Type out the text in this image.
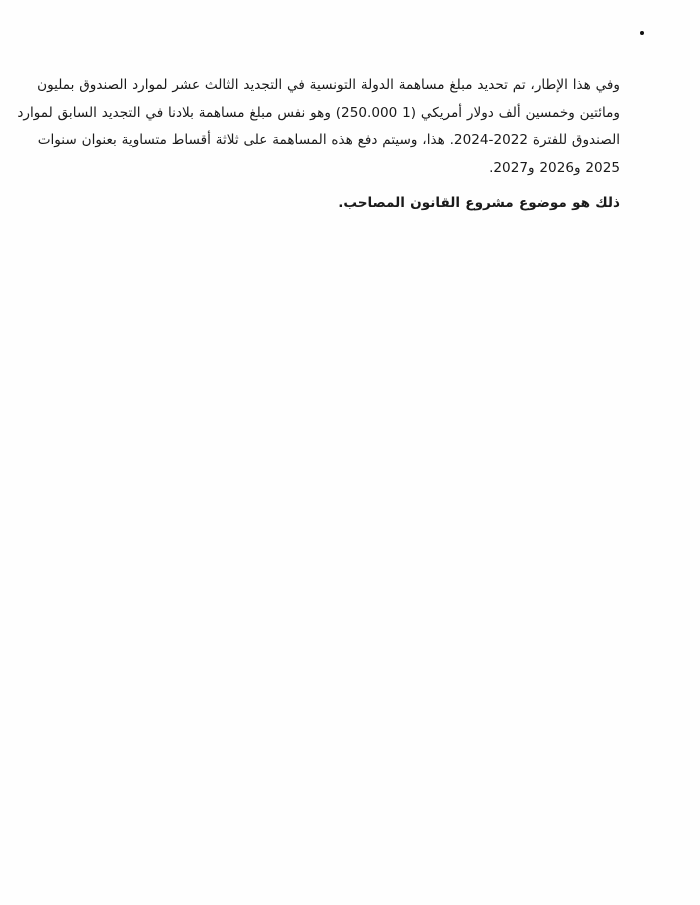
وفي هذا الإطار، تم تحديد مبلغ مساهمة الدولة التونسية في التجديد الثالث عشر لموارد الصندوق بمليون
ومائتين وخمسين ألف دولار أمريكي (1 250.000) وهو نفس مبلغ مساهمة بلادنا في التجديد السابق لموارد
الصندوق للفترة 2022-2024. هذا، وسيتم دفع هذه المساهمة على ثلاثة أقساط متساوية بعنوان سنوات
2025 و2026 و2027.

ذلك هو موضوع مشروع القانون المصاحب.
